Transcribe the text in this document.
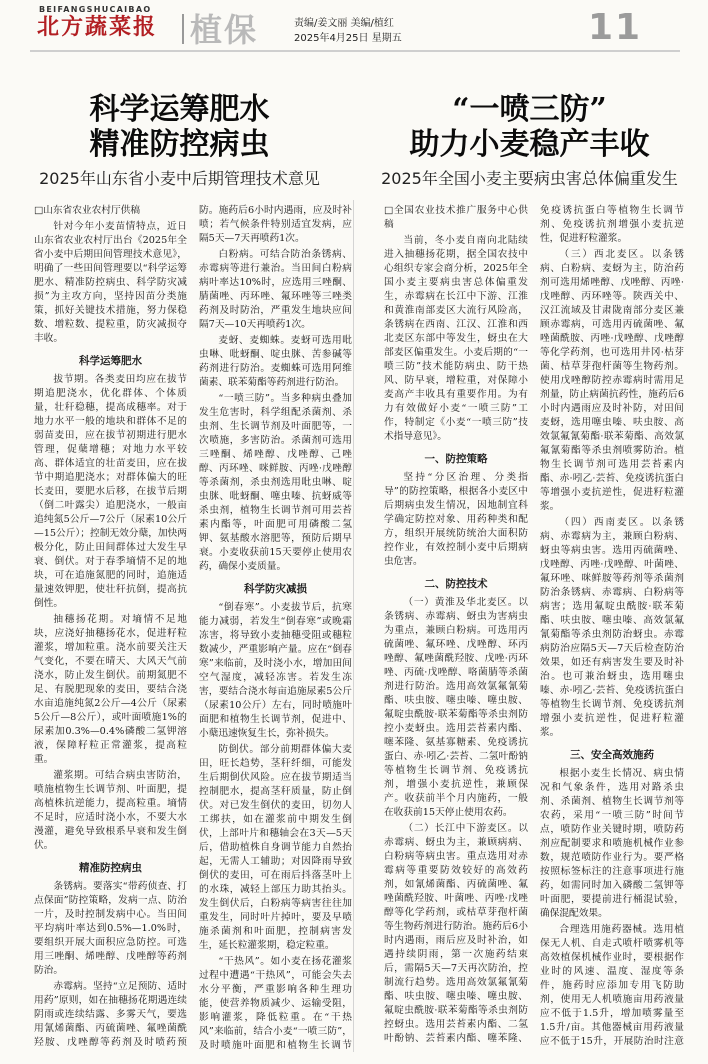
BEIFANGSHUCAIBAO
北方蔬菜报 植保	责编/姜文丽 美编/植红
2025年4月25日 星期五	11
科学运筹肥水
精准防控病虫
2025年山东省小麦中后期管理技术意见
“一喷三防”
助力小麦稳产丰收
2025年全国小麦主要病虫害总体偏重发生

□山东省农业农村厅供稿

针对今年小麦苗情特点，近日山东省农业农村厅出台《2025年全省小麦中后期田间管理技术意见》，明确了一些田间管理要以“科学运筹肥水、精准防控病虫、科学防灾减损”为主攻方向，坚持因苗分类施策，抓好关键技术措施，努力保稳数、增粒数、提粒重，防灾减损夺丰收。

科学运筹肥水

拔节期。各类麦田均应在拔节期追肥浇水，优化群体、个体质量，壮秆稳穗，提高成穗率。对于地力水平一般的地块和群体不足的弱苗麦田，应在拔节初期进行肥水管理，促蘖增穗；对地力水平较高、群体适宜的壮苗麦田，应在拔节中期追肥浇水；对群体偏大的旺长麦田，要肥水后移，在拔节后期（倒二叶露尖）追肥浇水，一般亩追纯氮5公斤—7公斤（尿素10公斤—15公斤）；控制无效分蘖，加快两极分化，防止田间群体过大发生早衰、倒伏。对于春季墒情不足的地块，可在追施氮肥的同时，追施适量速效钾肥，使壮秆抗倒，提高抗倒性。

抽穗扬花期。对墒情不足地块，应浇好抽穗扬花水，促进籽粒灌浆，增加粒重。浇水前要关注天气变化，不要在晴天、大风天气前浇水，防止发生倒伏。前期氮肥不足、有脱肥现象的麦田，要结合浇水亩追施纯氮2公斤—4公斤（尿素5公斤—8公斤），或叶面喷施1%的尿素加0.3%—0.4%磷酸二氢钾溶液，保障籽粒正常灌浆，提高粒重。

灌浆期。可结合病虫害防治，喷施植物生长调节剂、叶面肥，提高植株抗逆能力，提高粒重。墒情不足时，应适时浇小水，不要大水漫灌，避免导致根系早衰和发生倒伏。

精准防控病虫

条锈病。要落实“带药侦查、打点保面”防控策略，发病一点、防治一片，及时控制发病中心。当田间平均病叶率达到0.5%—1.0%时，要组织开展大面积应急防控。可选用三唑酮、烯唑醇、戊唑醇等药剂防治。

赤霉病。坚持“立足预防、适时用药”原则，如在抽穗扬花期遇连续阴雨或连续结露、多雾天气，要选用氰烯菌酯、丙硫菌唑、氟唑菌酰羟胺、戊唑醇等药剂及时喷药预防。施药后6小时内遇雨，应及时补喷；若气候条件特别适宜发病，应隔5天—7天再喷药1次。

白粉病。可结合防治条锈病、赤霉病等进行兼治。当田间白粉病病叶率达10%时，应选用三唑酮、腈菌唑、丙环唑、氟环唑等三唑类药剂及时防治，严重发生地块应间隔7天—10天再喷药1次。

麦蚜、麦蜘蛛。麦蚜可选用吡虫啉、吡蚜酮、啶虫脒、苦参碱等药剂进行防治。麦蜘蛛可选用阿维菌素、联苯菊酯等药剂进行防治。

“一喷三防”。当多种病虫叠加发生危害时，科学组配杀菌剂、杀虫剂、生长调节剂及叶面肥等，一次喷施，多害防治。杀菌剂可选用三唑酮、烯唑醇、戊唑醇、己唑醇、丙环唑、咪鲜胺、丙唑·戊唑醇等杀菌剂，杀虫剂选用吡虫啉、啶虫脒、吡蚜酮、噻虫嗪、抗蚜威等杀虫剂，植物生长调节剂可用芸苔素内酯等，叶面肥可用磷酸二氢钾、氨基酸水溶肥等，预防后期早衰。小麦收获前15天要停止使用农药，确保小麦质量。

科学防灾减损

“倒春寒”。小麦拔节后，抗寒能力减弱，若发生“倒春寒”或晚霜冻害，将导致小麦抽穗受阻或穗粒数减少，严重影响产量。应在“倒春寒”来临前，及时浇小水，增加田间空气湿度，减轻冻害。若发生冻害，要结合浇水每亩追施尿素5公斤（尿素10公斤）左右，同时喷施叶面肥和植物生长调节剂，促进中、小蘖迅速恢复生长，弥补损失。

防倒伏。部分前期群体偏大麦田，旺长趋势，茎秆纤细，可能发生后期倒伏风险。应在拔节期适当控制肥水，提高茎秆质量，防止倒伏。对已发生倒伏的麦田，切勿人工绑扶，如在灌浆前中期发生倒伏，上部叶片和穗轴会在3天—5天后，借助植株自身调节能力自然抬起，无需人工辅助；对因降雨导致倒伏的麦田，可在雨后抖落茎叶上的水珠，减轻上部压力助其抬头。发生倒伏后，白粉病等病害往往加重发生，同时叶片掉叶，要及早喷施杀菌剂和叶面肥，控制病害发生，延长粒灌浆期，稳定粒重。

“干热风”。如小麦在扬花灌浆过程中遭遇“干热风”，可能会失去水分平衡，严重影响各种生理功能，使营养物质减少、运输受阻，影响灌浆，降低粒重。在“干热风”来临前，结合小麦“一喷三防”，及时喷施叶面肥和植物生长调节

□全国农业技术推广服务中心供稿

当前，冬小麦自南向北陆续进入抽穗扬花期，据全国农技中心组织专家会商分析，2025年全国小麦主要病虫害总体偏重发生，赤霉病在长江中下游、江淮和黄淮南部麦区大流行风险高，条锈病在西南、江汉、江淮和西北麦区东部中等发生，蚜虫在大部麦区偏重发生。小麦后期的“一喷三防”技术能防病虫、防干热风、防早衰，增粒重，对保障小麦高产丰收具有重要作用。为有力有效做好小麦“一喷三防”工作，特制定《小麦“一喷三防”技术指导意见》。

一、防控策略

坚持“分区治理、分类指导”的防控策略，根据各小麦区中后期病虫发生情况，因地制宜科学确定防控对象、用药种类和配方，组织开展统防统治大面积防控作业，有效控制小麦中后期病虫危害。

二、防控技术

（一）黄淮及华北麦区。以条锈病、赤霉病、蚜虫为害病虫为重点，兼顾白粉病。可选用丙硫菌唑、氟环唑、戊唑醇、环丙唑醇、氟唑菌酰羟胺、戊唑·丙环唑、丙硫·戊唑醇、咯菌腈等杀菌剂进行防治。选用高效氯氟氰菊酯、呋虫胺、噻虫嗪、噻虫胺、氟啶虫酰胺·联苯菊酯等杀虫剂防控小麦蚜虫。选用芸苔素内酯、噻苯隆、氨基寡糖素、免疫诱抗蛋白、赤·吲乙·芸苔、二氢叶酚钠等植物生长调节剂、免疫诱抗剂，增强小麦抗逆性，兼顾保产。收获前半个月内施药，一般在收获前15天停止使用农药。

（二）长江中下游麦区。以赤霉病、蚜虫为主，兼顾病病、白粉病等病虫害。重点选用对赤霉病等重要防效较好的高效药剂，如氰烯菌酯、丙硫菌唑、氟唑菌酰羟胺、叶菌唑、丙唑·戊唑醇等化学药剂，或枯草芽孢杆菌等生物药剂进行防治。施药后6小时内遇雨，雨后应及时补治，如遇持续阴雨，第一次施药结束后，需隔5天—7天再次防治，控制流行趋势。选用高效氯氟氰菊酯、呋虫胺、噻虫嗪、噻虫胺、氟啶虫酰胺·联苯菊酯等杀虫剂防控蚜虫。选用芸苔素内酯、二氢叶酚钠、芸苔素内酯、噻苯隆、免疫诱抗蛋白等植物生长调节剂、免疫诱抗剂增强小麦抗逆性，促进籽粒灌浆。

（三）西北麦区。以条锈病、白粉病、麦蚜为主，防治药剂可选用烯唑醇、戊唑醇、丙唑·戊唑醇、丙环唑等。陕西关中、汉江流域及甘肃陇南部分麦区兼顾赤霉病，可选用丙硫菌唑、氟唑菌酰胺、丙唑·戊唑醇、戊唑醇等化学药剂，也可选用井冈·枯芽菌、枯草芽孢杆菌等生物药剂。使用戊唑醇防控赤霉病时需用足剂量，防止病菌抗药性，施药后6小时内遇雨应及时补防，对田间麦蚜，选用噻虫嗪、呋虫胺、高效氯氟氰菊酯·联苯菊酯、高效氯氟氰菊酯等杀虫剂喷雾防治。植物生长调节剂可选用芸苔素内酯、赤·吲乙·芸苔、免疫诱抗蛋白等增强小麦抗逆性，促进籽粒灌浆。

（四）西南麦区。以条锈病、赤霉病为主，兼顾白粉病、蚜虫等病虫害。选用丙硫菌唑、戊唑醇、丙唑·戊唑醇、叶菌唑、氟环唑、咪鲜胺等药剂等杀菌剂防治条锈病、赤霉病、白粉病等病害；选用氟啶虫酰胺·联苯菊酯、呋虫胺、噻虫嗪、高效氯氟氰菊酯等杀虫剂防治蚜虫。赤霉病防治应隔5天—7天后检查防治效果，如还有病害发生要及时补治。也可兼治蚜虫，选用噻虫嗪、赤·吲乙·芸苔、免疫诱抗蛋白等植物生长调节剂、免疫诱抗剂增强小麦抗逆性，促进籽粒灌浆。

三、安全高效施药

根据小麦生长情况、病虫情况和气象条件，选用对路杀虫剂、杀菌剂、植物生长调节剂等农药，采用“一喷三防”时间节点，喷防作业关键时期，喷防药剂应配制要求和喷施机械作业参数，规范喷防作业行为。要严格按照标签标注的注意事项进行施药，如需同时加入磷酸二氢钾等叶面肥，要提前进行桶混试验，确保混配效果。

合理选用施药器械。选用植保无人机、自走式喷杆喷雾机等高效植保机械作业时，要根据作业时的风速、温度、湿度等条件，施药时应添加专用飞防助剂，使用无人机喷施亩用药液量应不低于1.5升，增加喷雾量至1.5升/亩。其他器械亩用药液量应不低于15升，开展防治时注意
